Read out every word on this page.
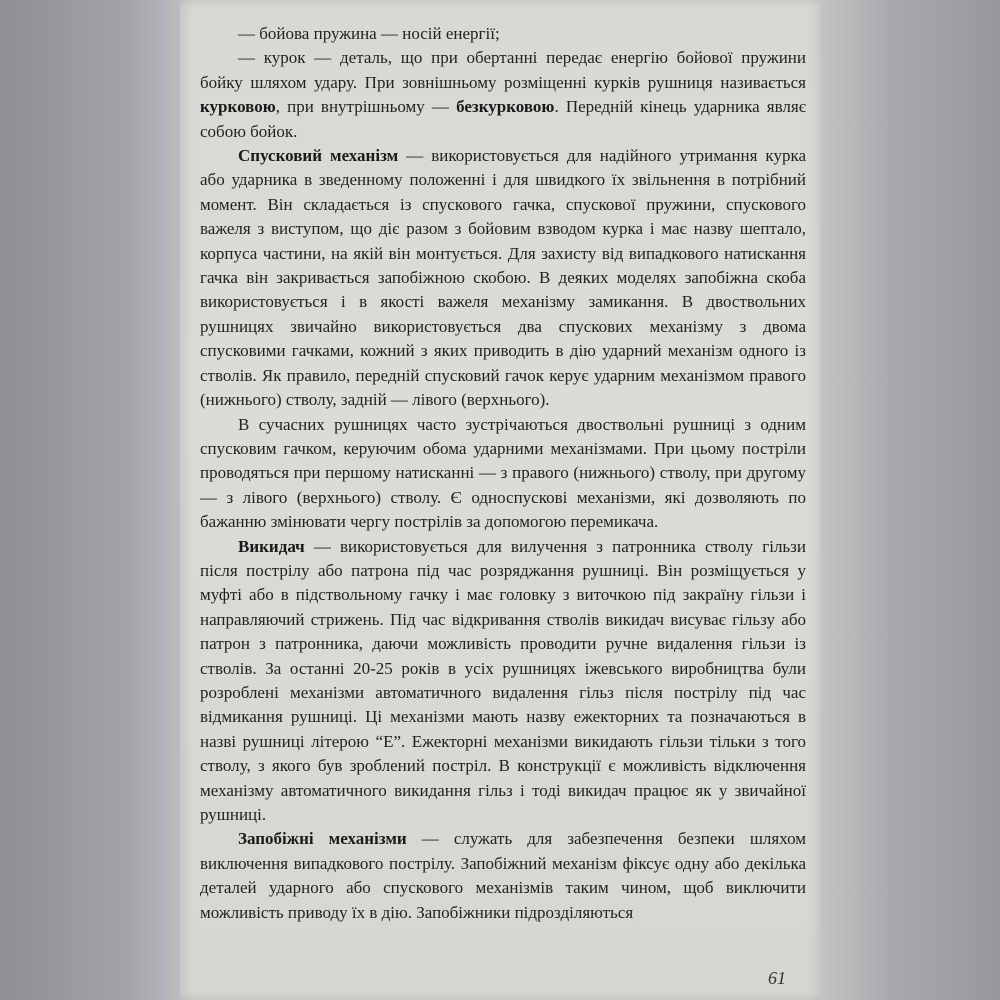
— бойова пружина — носій енергії;

— курок — деталь, що при обертанні передає енергію бойової пружини бойку шляхом удару. При зовнішньому розміщенні курків рушниця називається курковою, при внутрішньому — безкурковою. Передній кінець ударника являє собою бойок.

Спусковий механізм — використовується для надійного утримання курка або ударника в зведенному положенні і для швидкого їх звільнення в потрібний момент. Він складається із спускового гачка, спускової пружини, спускового важеля з виступом, що діє разом з бойовим взводом курка і має назву шептало, корпуса частини, на якій він монтується. Для захисту від випадкового натискання гачка він закривається запобіжною скобою. В деяких моделях запобіжна скоба використовується і в якості важеля механізму замикання. В двоствольних рушницях звичайно використовується два спускових механізму з двома спусковими гачками, кожний з яких приводить в дію ударний механізм одного із стволів. Як правило, передній спусковий гачок керує ударним механізмом правого (нижнього) стволу, задній — лівого (верхнього).

В сучасних рушницях часто зустрічаються двоствольні рушниці з одним спусковим гачком, керуючим обома ударними механізмами. При цьому постріли проводяться при першому натисканні — з правого (нижнього) стволу, при другому — з лівого (верхнього) стволу. Є односпускові механізми, які дозволяють по бажанню змінювати чергу пострілів за допомогою перемикача.

Викидач — використовується для вилучення з патронника стволу гільзи після пострілу або патрона під час розряджання рушниці. Він розміщується у муфті або в підствольному гачку і має головку з виточкою під закраїну гільзи і направляючий стрижень. Під час відкривання стволів викидач висуває гільзу або патрон з патронника, даючи можливість проводити ручне видалення гільзи із стволів. За останні 20-25 років в усіх рушницях іжевського виробництва були розроблені механізми автоматичного видалення гільз після пострілу під час відмикання рушниці. Ці механізми мають назву ежекторних та позначаються в назві рушниці літерою “E”. Ежекторні механізми викидають гільзи тільки з того стволу, з якого був зроблений постріл. В конструкції є можливість відключення механізму автоматичного викидання гільз і тоді викидач працює як у звичайної рушниці.

Запобіжні механізми — служать для забезпечення безпеки шляхом виключення випадкового пострілу. Запобіжний механізм фіксує одну або декілька деталей ударного або спускового механізмів таким чином, щоб виключити можливість приводу їх в дію. Запобіжники підрозділяються

61
